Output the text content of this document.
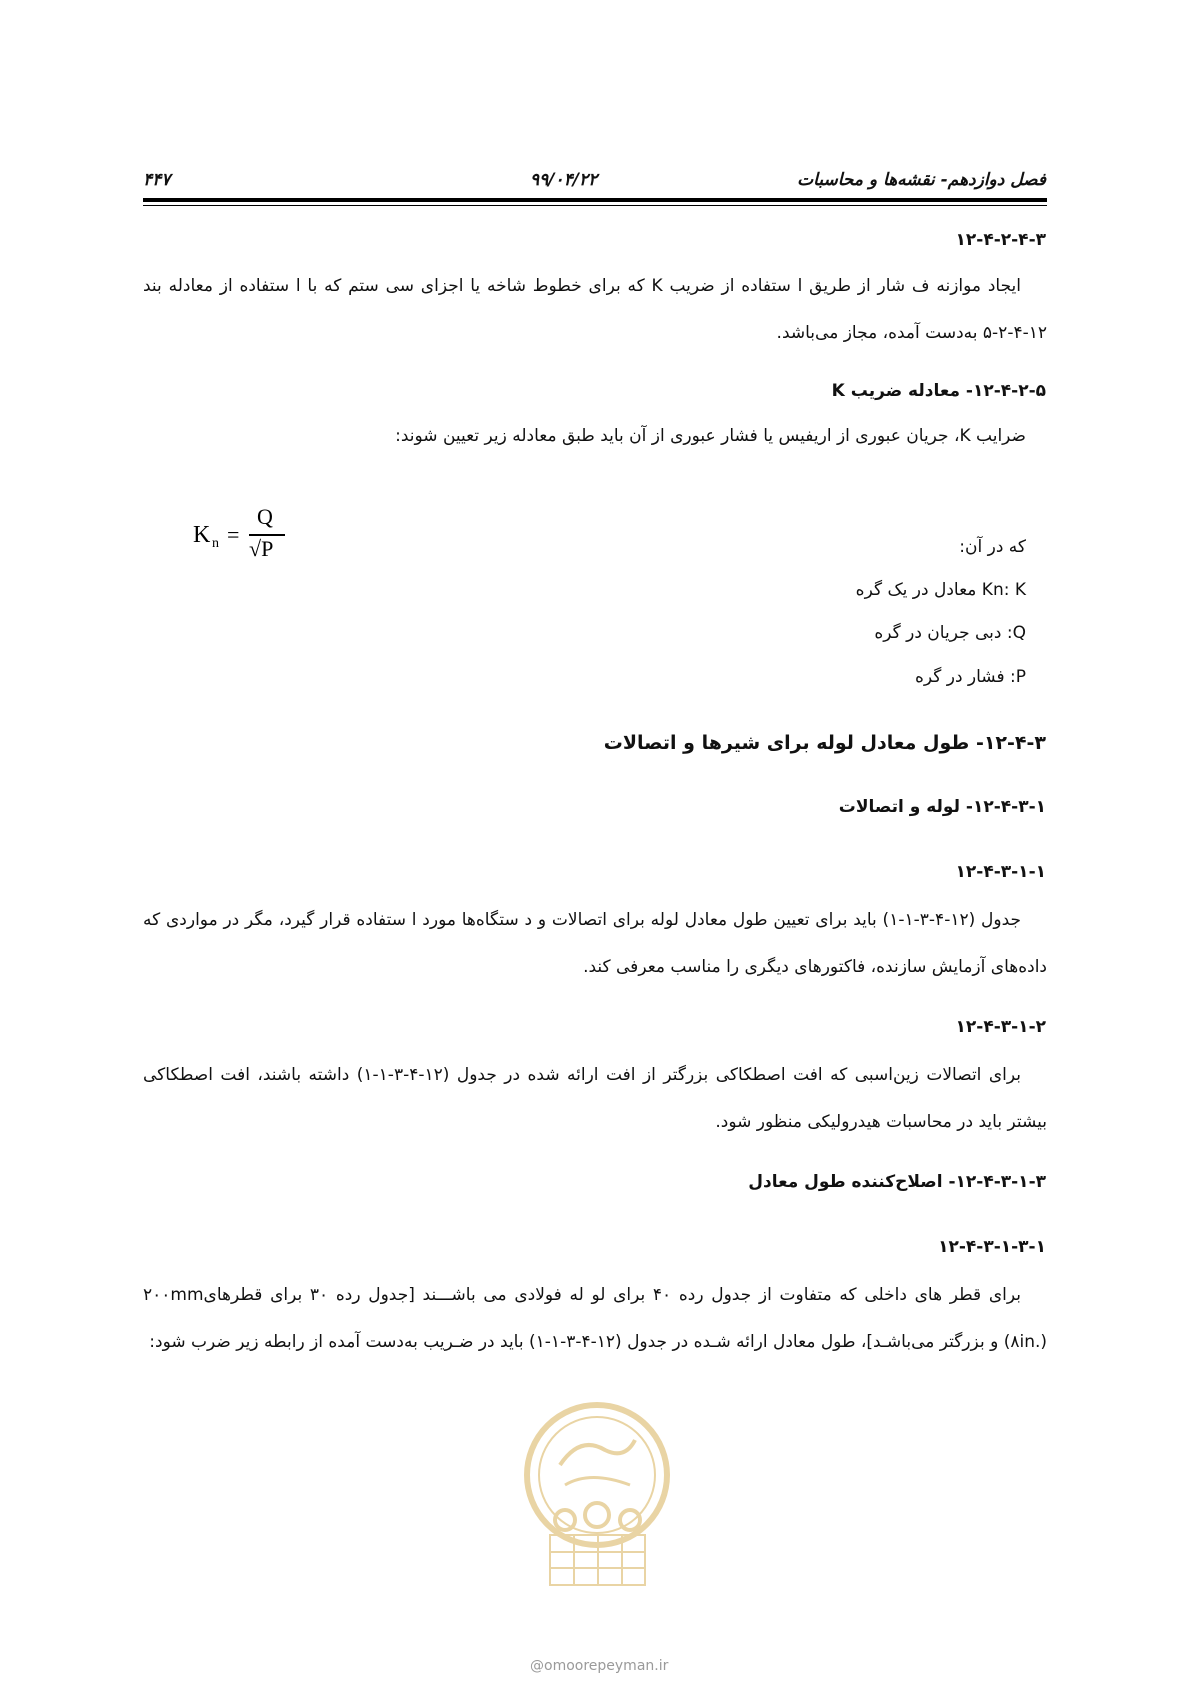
فصل دوازدهم- نقشه‌ها و محاسبات
۹۹/۰۴/۲۲
۴۴۷
۱۲-۴-۲-۴-۳
ایجاد موازنه ف شار از طریق ا ستفاده از ضریب K که برای خطوط شاخه یا اجزای سی ستم که با ا ستفاده از معادله بند ۱۲-۴-۲-۵ به‌دست آمده، مجاز می‌باشد.
۱۲-۴-۲-۵- معادله ضریب K
ضرایب K، جریان عبوری از اریفیس یا فشار عبوری از آن باید طبق معادله زیر تعیین شوند:
K n =
Q
√P	که در آن:
Kn: K معادل در یک گره
Q: دبی جریان در گره
P: فشار در گره
۱۲-۴-۳- طول معادل لوله برای شیرها و اتصالات
۱۲-۴-۳-۱- لوله و اتصالات
۱۲-۴-۳-۱-۱
جدول (۱۲-۴-۳-۱-۱) باید برای تعیین طول معادل لوله برای اتصالات و د ستگاه‌ها مورد ا ستفاده قرار گیرد، مگر در مواردی که داده‌های آزمایش سازنده، فاکتورهای دیگری را مناسب معرفی کند.
۱۲-۴-۳-۱-۲
برای اتصالات زین‌اسبی که افت اصطکاکی بزرگتر از افت ارائه شده در جدول (۱۲-۴-۳-۱-۱) داشته باشند، افت اصطکاکی بیشتر باید در محاسبات هیدرولیکی منظور شود.
۱۲-۴-۳-۱-۳- اصلاح‌کننده طول معادل
۱۲-۴-۳-۱-۳-۱
برای قطر های داخلی که متفاوت از جدول رده ۴۰ برای لو له فولادی می باشـــند [جدول رده ۳۰ برای قطرهای۲۰۰mm (۸in.) و بزرگتر می‌باشـد]، طول معادل ارائه شـده در جدول (۱۲-۴-۳-۱-۱) باید در ضـریب به‌دست آمده از رابطه زیر ضرب شود:
@omoorepeyman.ir
